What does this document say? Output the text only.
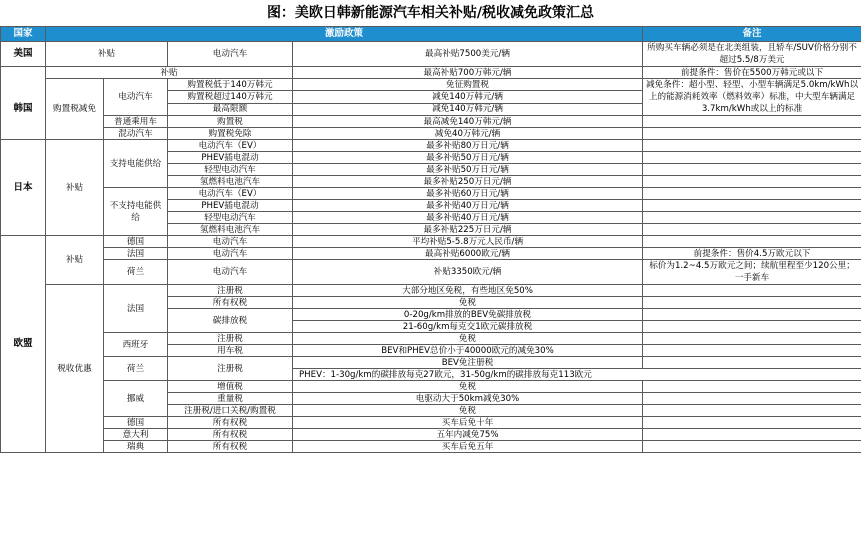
图：美欧日韩新能源汽车相关补贴/税收减免政策汇总
国家	激励政策				备注	
美国	补贴		电动汽车	最高补贴7500美元/辆	所购买车辆必须是在北美组装，且轿车/SUV价格分别不超过5.5/8万美元	
	补贴			最高补贴700万韩元/辆	前提条件：售价在5500万韩元或以下	
韩国	购置税减免	电动汽车	购置税低于140万韩元	免征购置税	减免条件：超小型、轻型、小型车辆满足5.0km/kWh以上的能源消耗效率（燃料效率）标准，中大型车辆满足3.7km/kWh或以上的标准	
			购置税超过140万韩元	减免140万韩元/辆		
			最高限额	减免140万韩元/辆		
		普通乘用车	购置税	最高减免140万韩元/辆		
		混动汽车	购置税免除	减免40万韩元/辆		
日本	补贴	支持电能供给	电动汽车（EV）	最多补贴80万日元/辆		
			PHEV插电混动	最多补贴50万日元/辆		
			轻型电动汽车	最多补贴50万日元/辆		
			氢燃料电池汽车	最多补贴250万日元/辆		
		不支持电能供给	电动汽车（EV）	最多补贴60万日元/辆		
			PHEV插电混动	最多补贴40万日元/辆		
			轻型电动汽车	最多补贴40万日元/辆		
			氢燃料电池汽车	最多补贴225万日元/辆		
欧盟	补贴	德国	电动汽车	平均补贴5-5.8万元人民币/辆		
		法国	电动汽车	最高补贴6000欧元/辆	前提条件：售价4.5万欧元以下	
		荷兰	电动汽车	补贴3350欧元/辆	标价为1.2~4.5万欧元之间；续航里程至少120公里；一手新车	
	税收优惠	法国	注册税	大部分地区免税，有些地区免50%		
			所有权税	免税		
			碳排放税	0-20g/km排放的BEV免碳排放税		
				21-60g/km每克交1欧元碳排放税		
		西班牙	注册税	免税		
			用车税	BEV和PHEV总价小于40000欧元的减免30%		
		荷兰	注册税	BEV免注册税		
				PHEV：1-30g/km的碳排放每克27欧元，31-50g/km的碳排放每克113欧元		
		挪威	增值税	免税		
			重量税	电驱动大于50km减免30%		
			注册税/进口关税/购置税	免税		
		德国	所有权税	买车后免十年		
		意大利	所有权税	五年内减免75%		
		瑞典	所有权税	买车后免五年		
